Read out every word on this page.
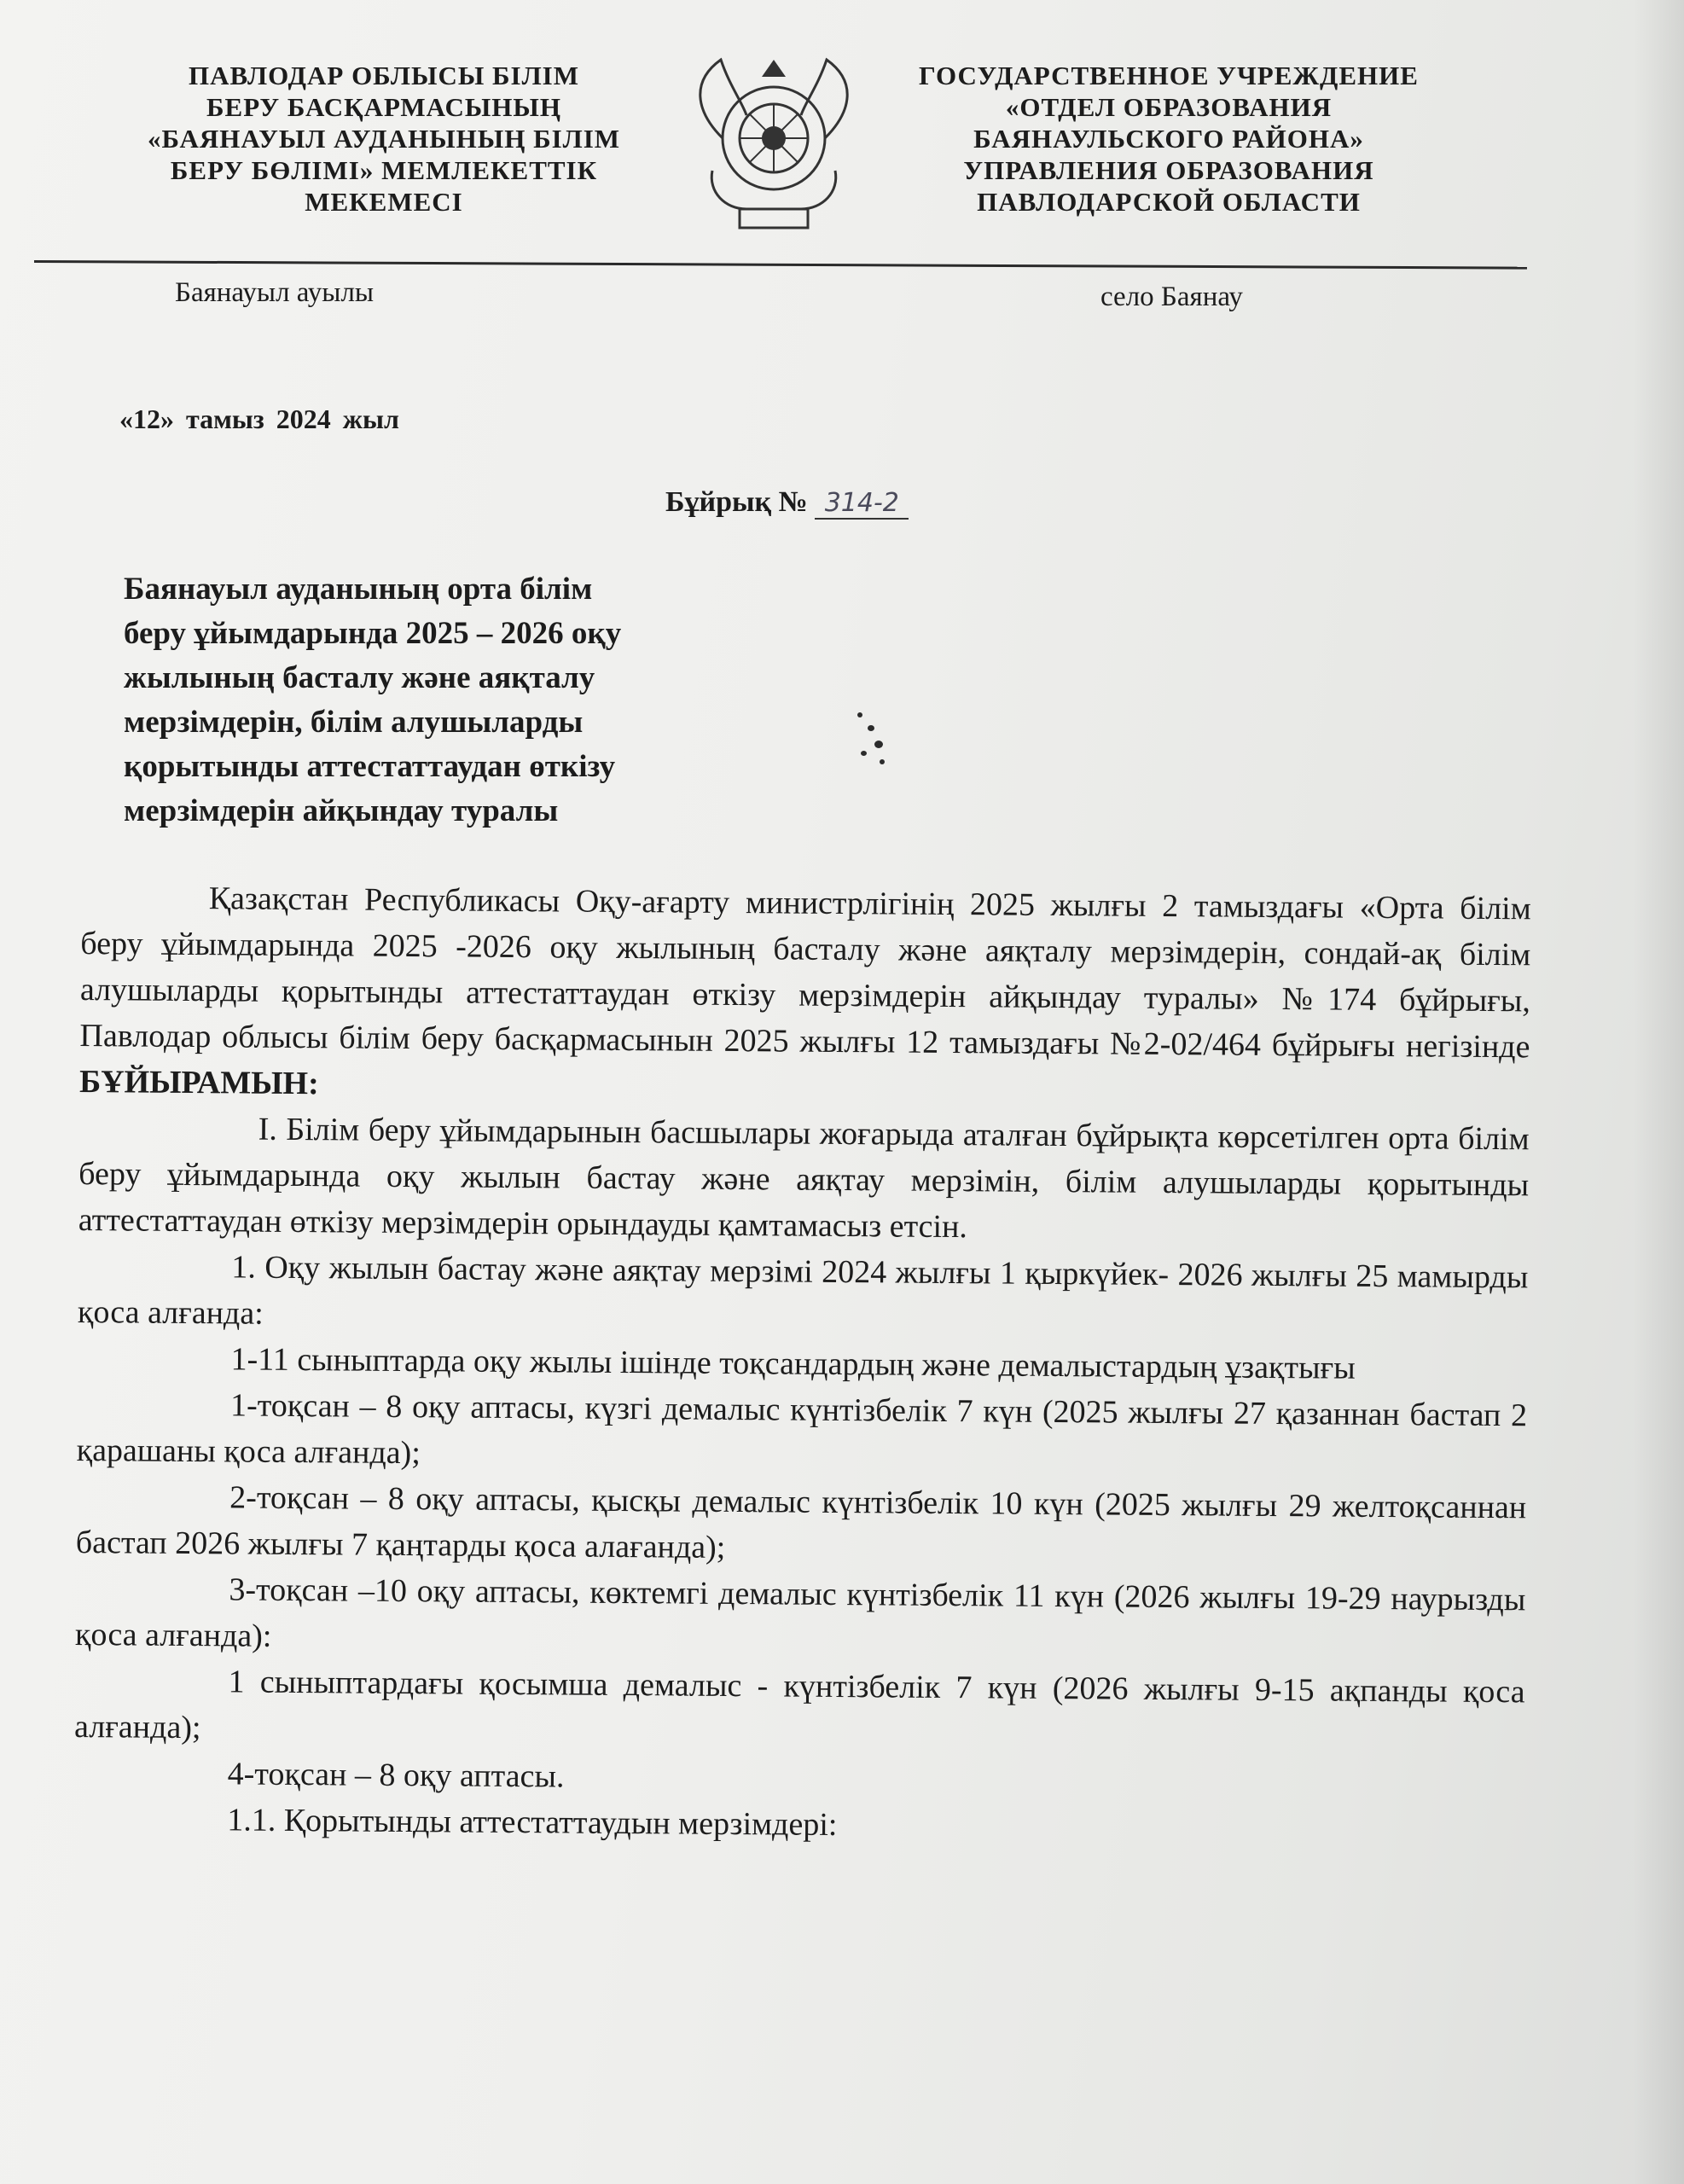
ПАВЛОДАР ОБЛЫСЫ БІЛІМ
БЕРУ БАСҚАРМАСЫНЫҢ
«БАЯНАУЫЛ АУДАНЫНЫҢ БІЛІМ
БЕРУ БӨЛІМІ» МЕМЛЕКЕТТІК
МЕКЕМЕСІ
ГОСУДАРСТВЕННОЕ УЧРЕЖДЕНИЕ
«ОТДЕЛ ОБРАЗОВАНИЯ
БАЯНАУЛЬСКОГО РАЙОНА»
УПРАВЛЕНИЯ ОБРАЗОВАНИЯ
ПАВЛОДАРСКОЙ ОБЛАСТИ
Баянауыл ауылы	село Баянау
«12» тамыз 2024 жыл
Бұйрық № 314-2
Баянауыл ауданының орта білім
беру ұйымдарында 2025 – 2026 оқу
жылының басталу және аяқталу
мерзімдерін, білім алушыларды
қорытынды аттестаттаудан өткізу
мерзімдерін айқындау туралы

Қазақстан Республикасы Оқу-ағарту министрлігінің 2025 жылғы 2 тамыздағы «Орта білім беру ұйымдарында 2025 -2026 оқу жылының басталу және аяқталу мерзімдерін, сондай-ақ білім алушыларды қорытынды аттестаттаудан өткізу мерзімдерін айқындау туралы» №174 бұйрығы, Павлодар облысы білім беру басқармасынын 2025 жылғы 12 тамыздағы №2-02/464 бұйрығы негізінде БҰЙЫРАМЫН:

I. Білім беру ұйымдарынын басшылары жоғарыда аталған бұйрықта көрсетілген орта білім беру ұйымдарында оқу жылын бастау және аяқтау мерзімін, білім алушыларды қорытынды аттестаттаудан өткізу мерзімдерін орындауды қамтамасыз етсін.

1. Оқу жылын бастау және аяқтау мерзімі 2024 жылғы 1 қыркүйек- 2026 жылғы 25 мамырды қоса алғанда:

1-11 сыныптарда оқу жылы ішінде тоқсандардың және демалыстардың ұзақтығы

1-тоқсан – 8 оқу аптасы, күзгі демалыс күнтізбелік 7 күн (2025 жылғы 27 қазаннан бастап 2 қарашаны қоса алғанда);

2-тоқсан – 8 оқу аптасы, қысқы демалыс күнтізбелік 10 күн (2025 жылғы 29 желтоқсаннан бастап 2026 жылғы 7 қаңтарды қоса алағанда);

3-тоқсан –10 оқу аптасы, көктемгі демалыс күнтізбелік 11 күн (2026 жылғы 19-29 наурызды қоса алғанда):

1 сыныптардағы қосымша демалыс - күнтізбелік 7 күн (2026 жылғы 9-15 ақпанды қоса алғанда);

4-тоқсан – 8 оқу аптасы.

1.1. Қорытынды аттестаттаудын мерзімдері:
